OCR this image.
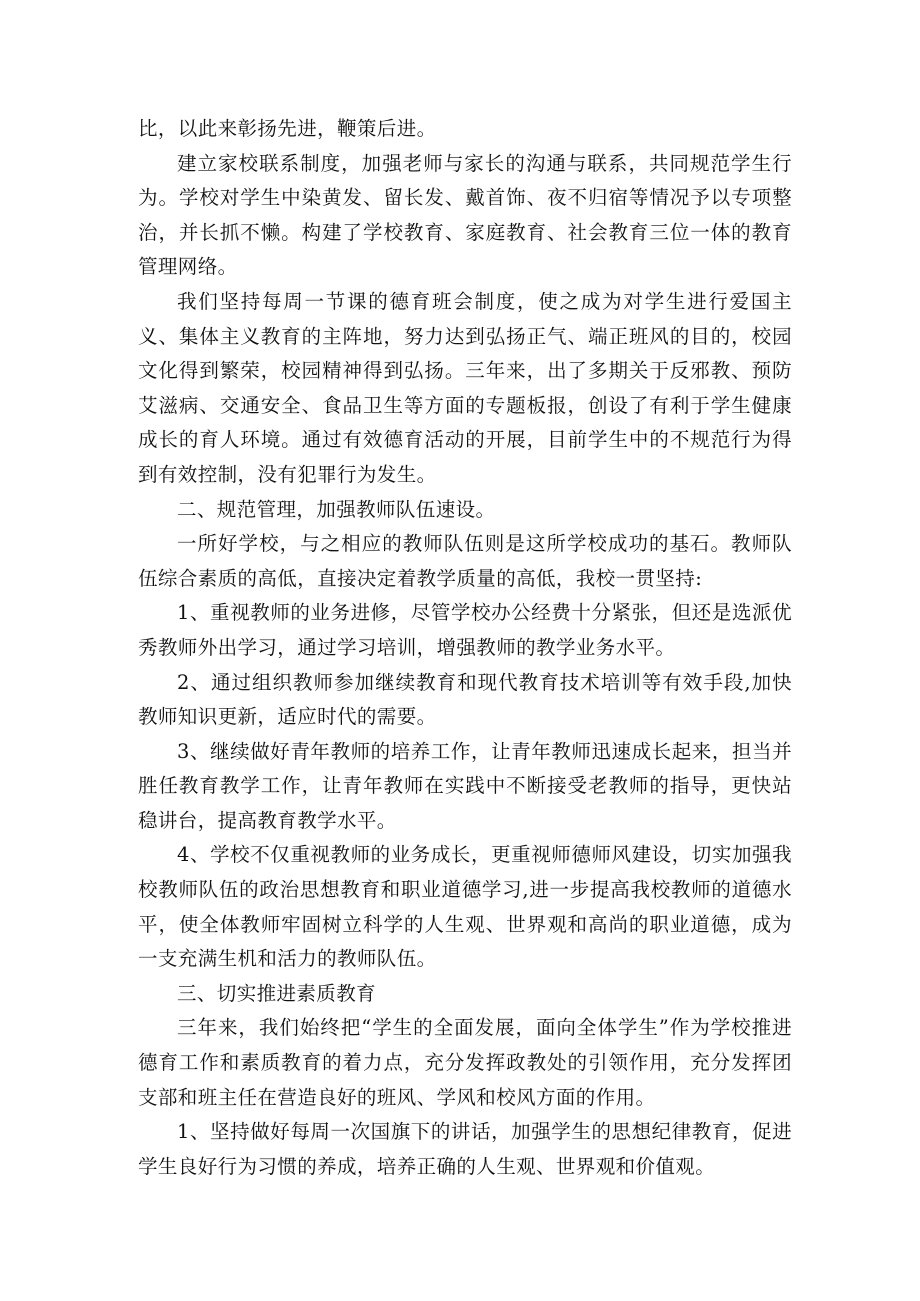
比，以此来彰扬先进，鞭策后进。

建立家校联系制度，加强老师与家长的沟通与联系，共同规范学生行为。学校对学生中染黄发、留长发、戴首饰、夜不归宿等情况予以专项整治，并长抓不懒。构建了学校教育、家庭教育、社会教育三位一体的教育管理网络。

我们坚持每周一节课的德育班会制度，使之成为对学生进行爱国主义、集体主义教育的主阵地，努力达到弘扬正气、端正班风的目的，校园文化得到繁荣，校园精神得到弘扬。三年来，出了多期关于反邪教、预防艾滋病、交通安全、食品卫生等方面的专题板报，创设了有利于学生健康成长的育人环境。通过有效德育活动的开展，目前学生中的不规范行为得到有效控制，没有犯罪行为发生。

二、规范管理，加强教师队伍速设。

一所好学校，与之相应的教师队伍则是这所学校成功的基石。教师队伍综合素质的高低，直接决定着教学质量的高低，我校一贯坚持:

1、重视教师的业务进修，尽管学校办公经费十分紧张，但还是选派优秀教师外出学习，通过学习培训，增强教师的教学业务水平。

2、通过组织教师参加继续教育和现代教育技术培训等有效手段,加快教师知识更新，适应时代的需要。

3、继续做好青年教师的培养工作，让青年教师迅速成长起来，担当并胜任教育教学工作，让青年教师在实践中不断接受老教师的指导，更快站稳讲台，提高教育教学水平。

4、学校不仅重视教师的业务成长，更重视师德师风建设，切实加强我校教师队伍的政治思想教育和职业道德学习,进一步提高我校教师的道德水平，使全体教师牢固树立科学的人生观、世界观和高尚的职业道德，成为一支充满生机和活力的教师队伍。

三、切实推进素质教育

三年来，我们始终把“学生的全面发展，面向全体学生”作为学校推进德育工作和素质教育的着力点，充分发挥政教处的引领作用，充分发挥团支部和班主任在营造良好的班风、学风和校风方面的作用。

1、坚持做好每周一次国旗下的讲话，加强学生的思想纪律教育，促进学生良好行为习惯的养成，培养正确的人生观、世界观和价值观。
